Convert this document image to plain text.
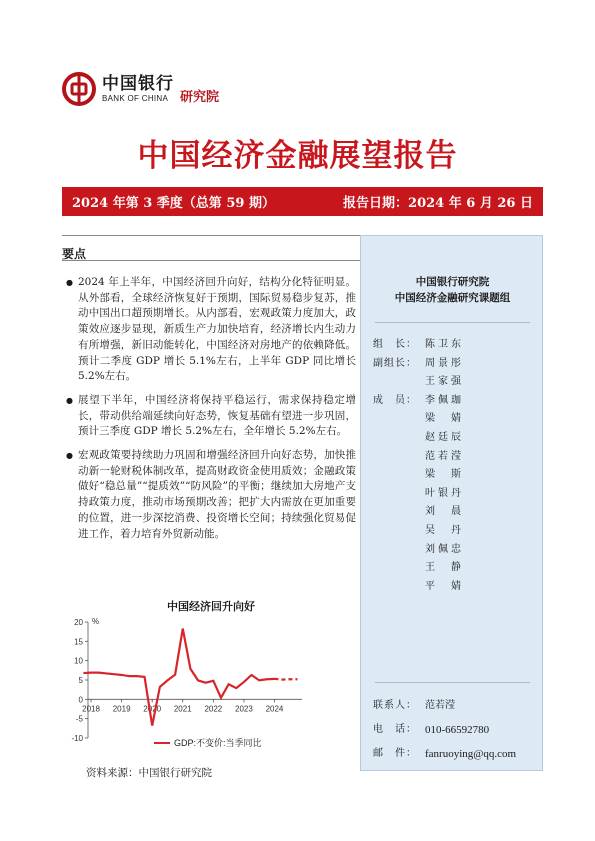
中国银行
BANK OF CHINA 研究院
中国经济金融展望报告
2024 年第 3 季度（总第 59 期）	报告日期：2024 年 6 月 26 日
要点
● 2024 年上半年，中国经济回升向好，结构分化特征明显。从外部看，全球经济恢复好于预期，国际贸易稳步复苏，推动中国出口超预期增长。从内部看，宏观政策力度加大，政策效应逐步显现，新质生产力加快培育，经济增长内生动力有所增强，新旧动能转化，中国经济对房地产的依赖降低。预计二季度 GDP 增长 5.1%左右，上半年 GDP 同比增长 5.2%左右。
● 展望下半年，中国经济将保持平稳运行，需求保持稳定增长，带动供给端延续向好态势，恢复基础有望进一步巩固，预计三季度 GDP 增长 5.2%左右，全年增长 5.2%左右。
● 宏观政策要持续助力巩固和增强经济回升向好态势，加快推动新一轮财税体制改革，提高财政资金使用质效；金融政策做好“稳总量”“提质效”“防风险”的平衡；继续加大房地产支持政策力度，推动市场预期改善；把扩大内需放在更加重要的位置，进一步深挖消费、投资增长空间；持续强化贸易促进工作，着力培育外贸新动能。
中国经济回升向好
%
-10
-5
0
5
10
15
20
2018 2019 2020 2021 2022 2023 2024
GDP:不变价:当季同比
资料来源：中国银行研究院
中国银行研究院
中国经济金融研究课题组
组　长： 陈卫东
副组长： 周景彤
王家强
成　员： 李佩珈
梁　婧
赵廷辰
范若滢
梁　斯
叶银丹
刘　晨
吴　丹
刘佩忠
王　静
平　婧
联系人： 范若滢
电　话： 010-66592780
邮　件： fanruoying@qq.com
